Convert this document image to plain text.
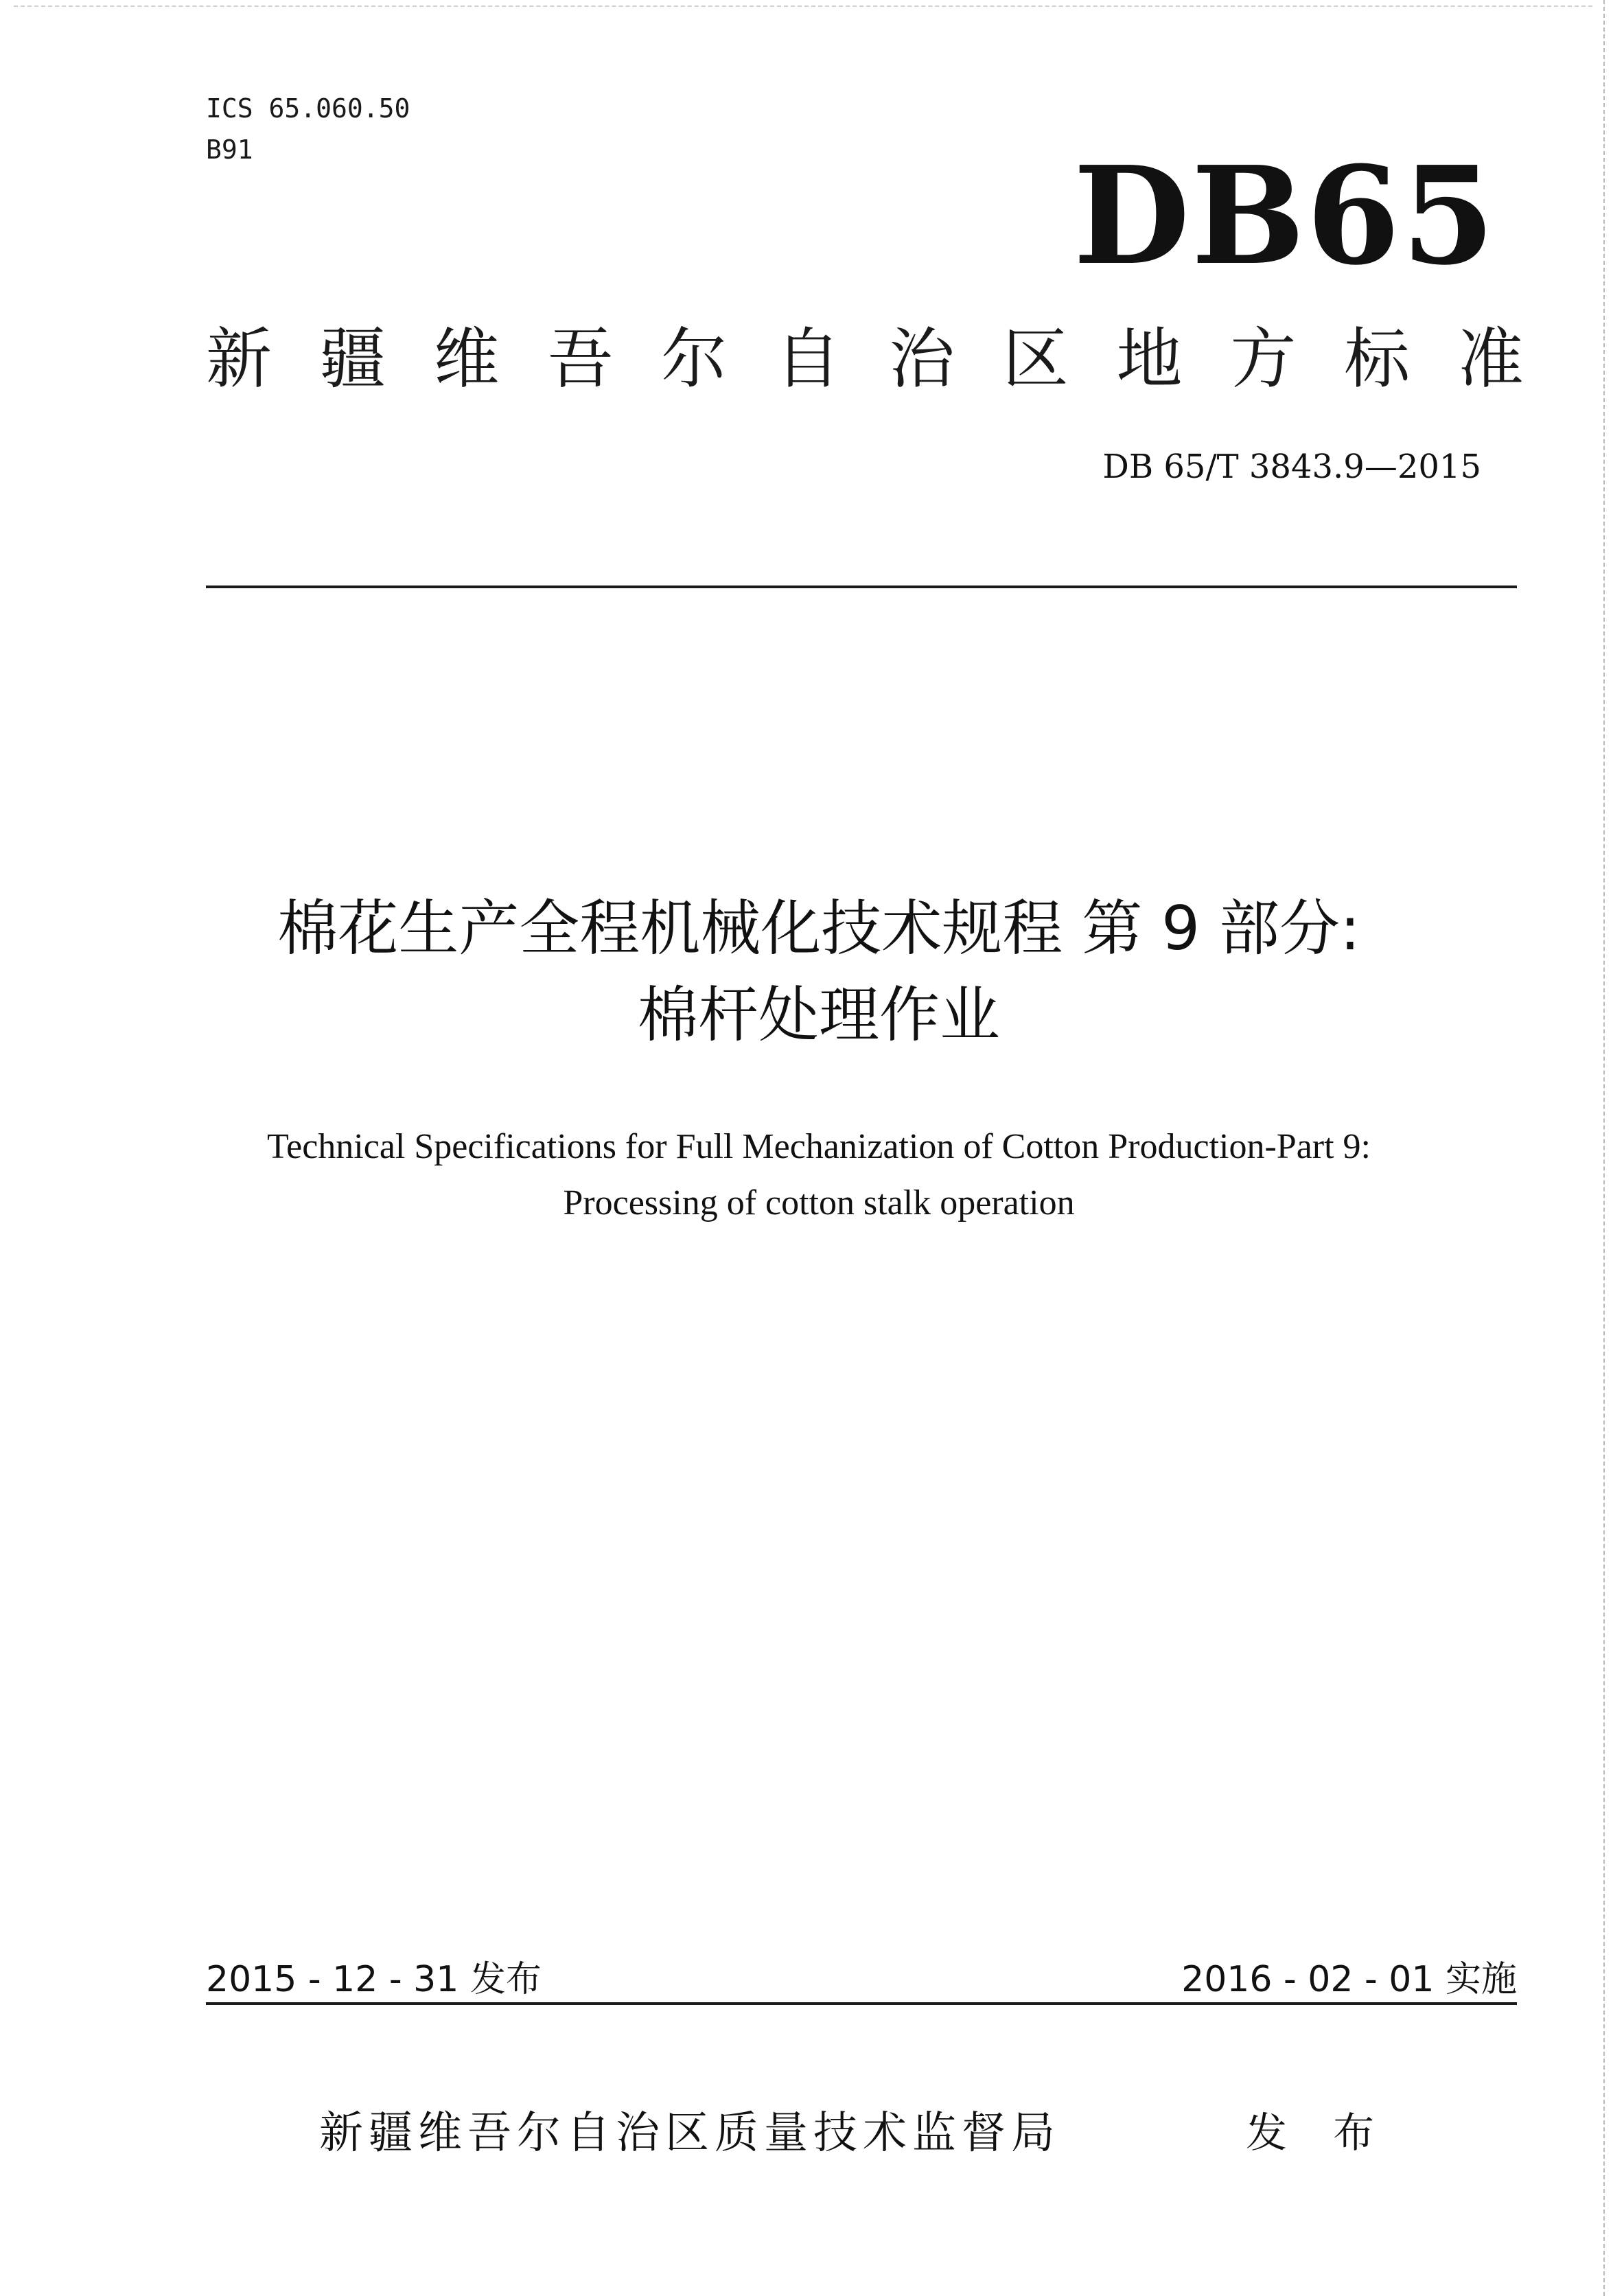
ICS 65.060.50
B91	DB65
新 疆 维 吾 尔 自 治 区 地 方 标 准
DB 65/T 3843.9—2015
棉花生产全程机械化技术规程 第 9 部分:
棉杆处理作业
Technical Specifications for Full Mechanization of Cotton Production-Part 9:
Processing of cotton stalk operation
2015 - 12 - 31 发布	2016 - 02 - 01 实施
新疆维吾尔自治区质量技术监督局	发 布
